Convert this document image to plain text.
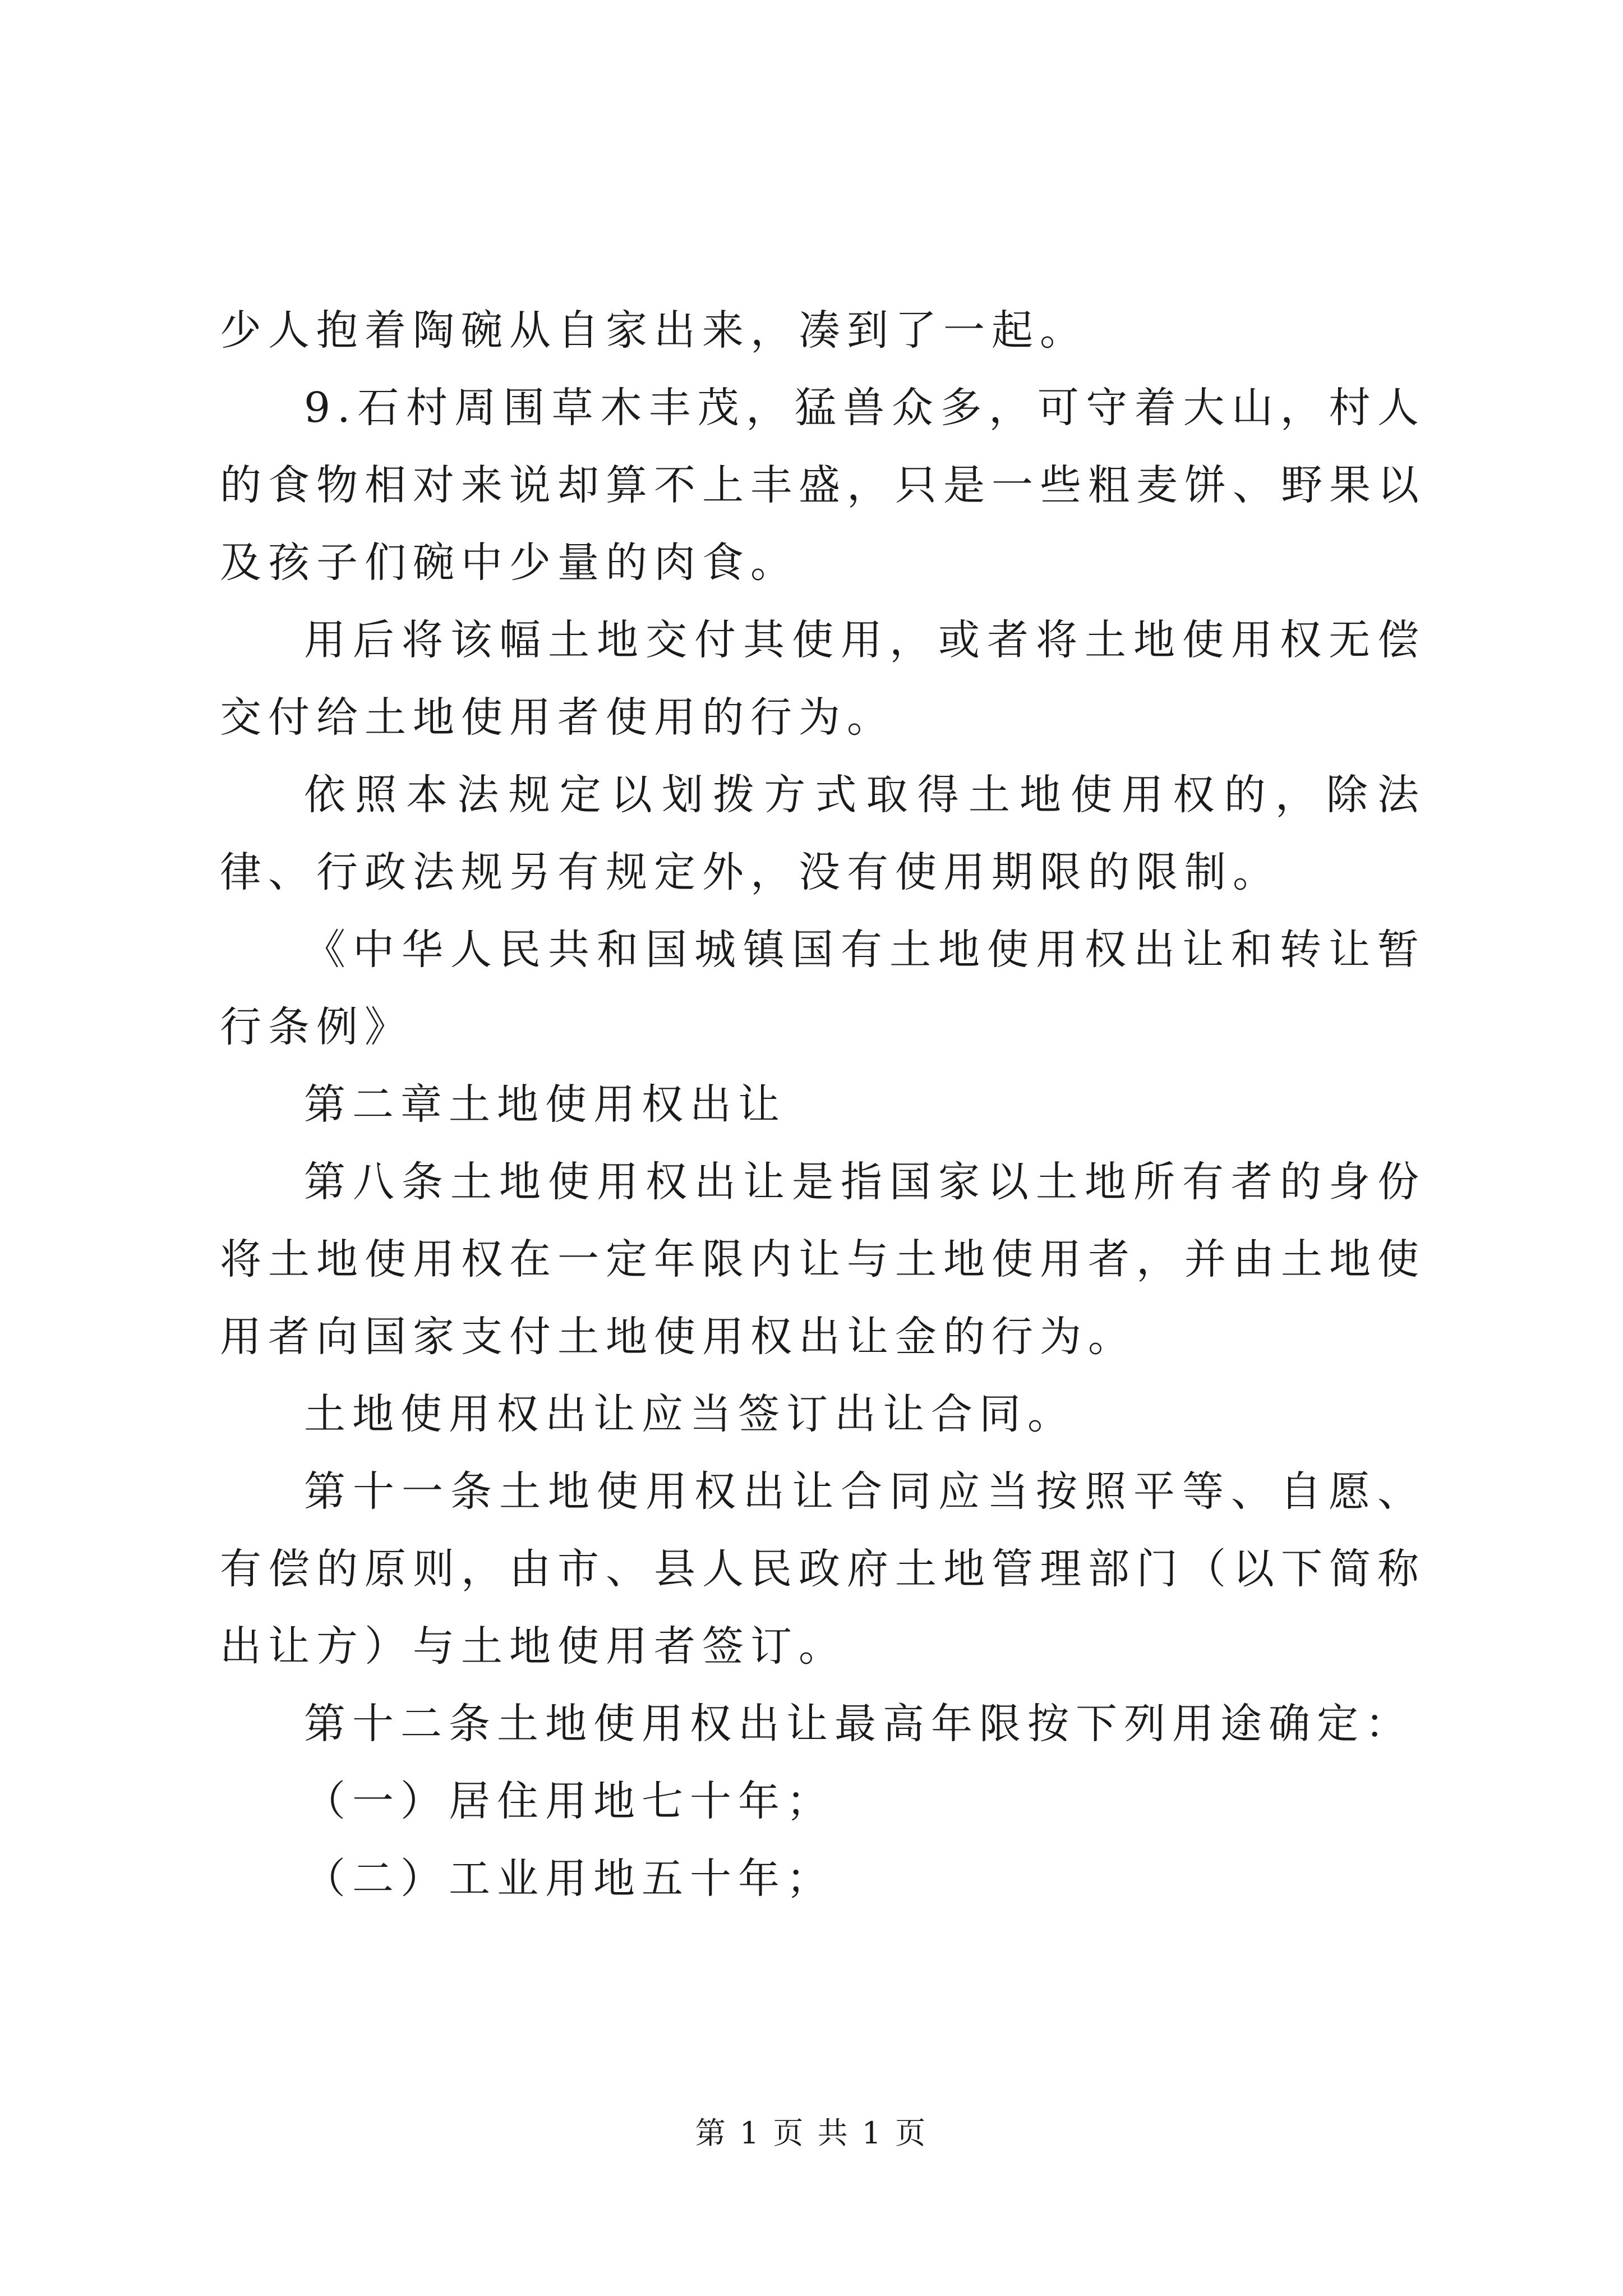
少人抱着陶碗从自家出来，凑到了一起。

9.石村周围草木丰茂，猛兽众多，可守着大山，村人的食物相对来说却算不上丰盛，只是一些粗麦饼、野果以及孩子们碗中少量的肉食。

用后将该幅土地交付其使用，或者将土地使用权无偿交付给土地使用者使用的行为。

依照本法规定以划拨方式取得土地使用权的，除法律、行政法规另有规定外，没有使用期限的限制。

《中华人民共和国城镇国有土地使用权出让和转让暂行条例》

第二章土地使用权出让

第八条土地使用权出让是指国家以土地所有者的身份将土地使用权在一定年限内让与土地使用者，并由土地使用者向国家支付土地使用权出让金的行为。

土地使用权出让应当签订出让合同。

第十一条土地使用权出让合同应当按照平等、自愿、有偿的原则，由市、县人民政府土地管理部门（以下简称出让方）与土地使用者签订。

第十二条土地使用权出让最高年限按下列用途确定：

（一）居住用地七十年；

（二）工业用地五十年；

第 1 页 共 1 页
